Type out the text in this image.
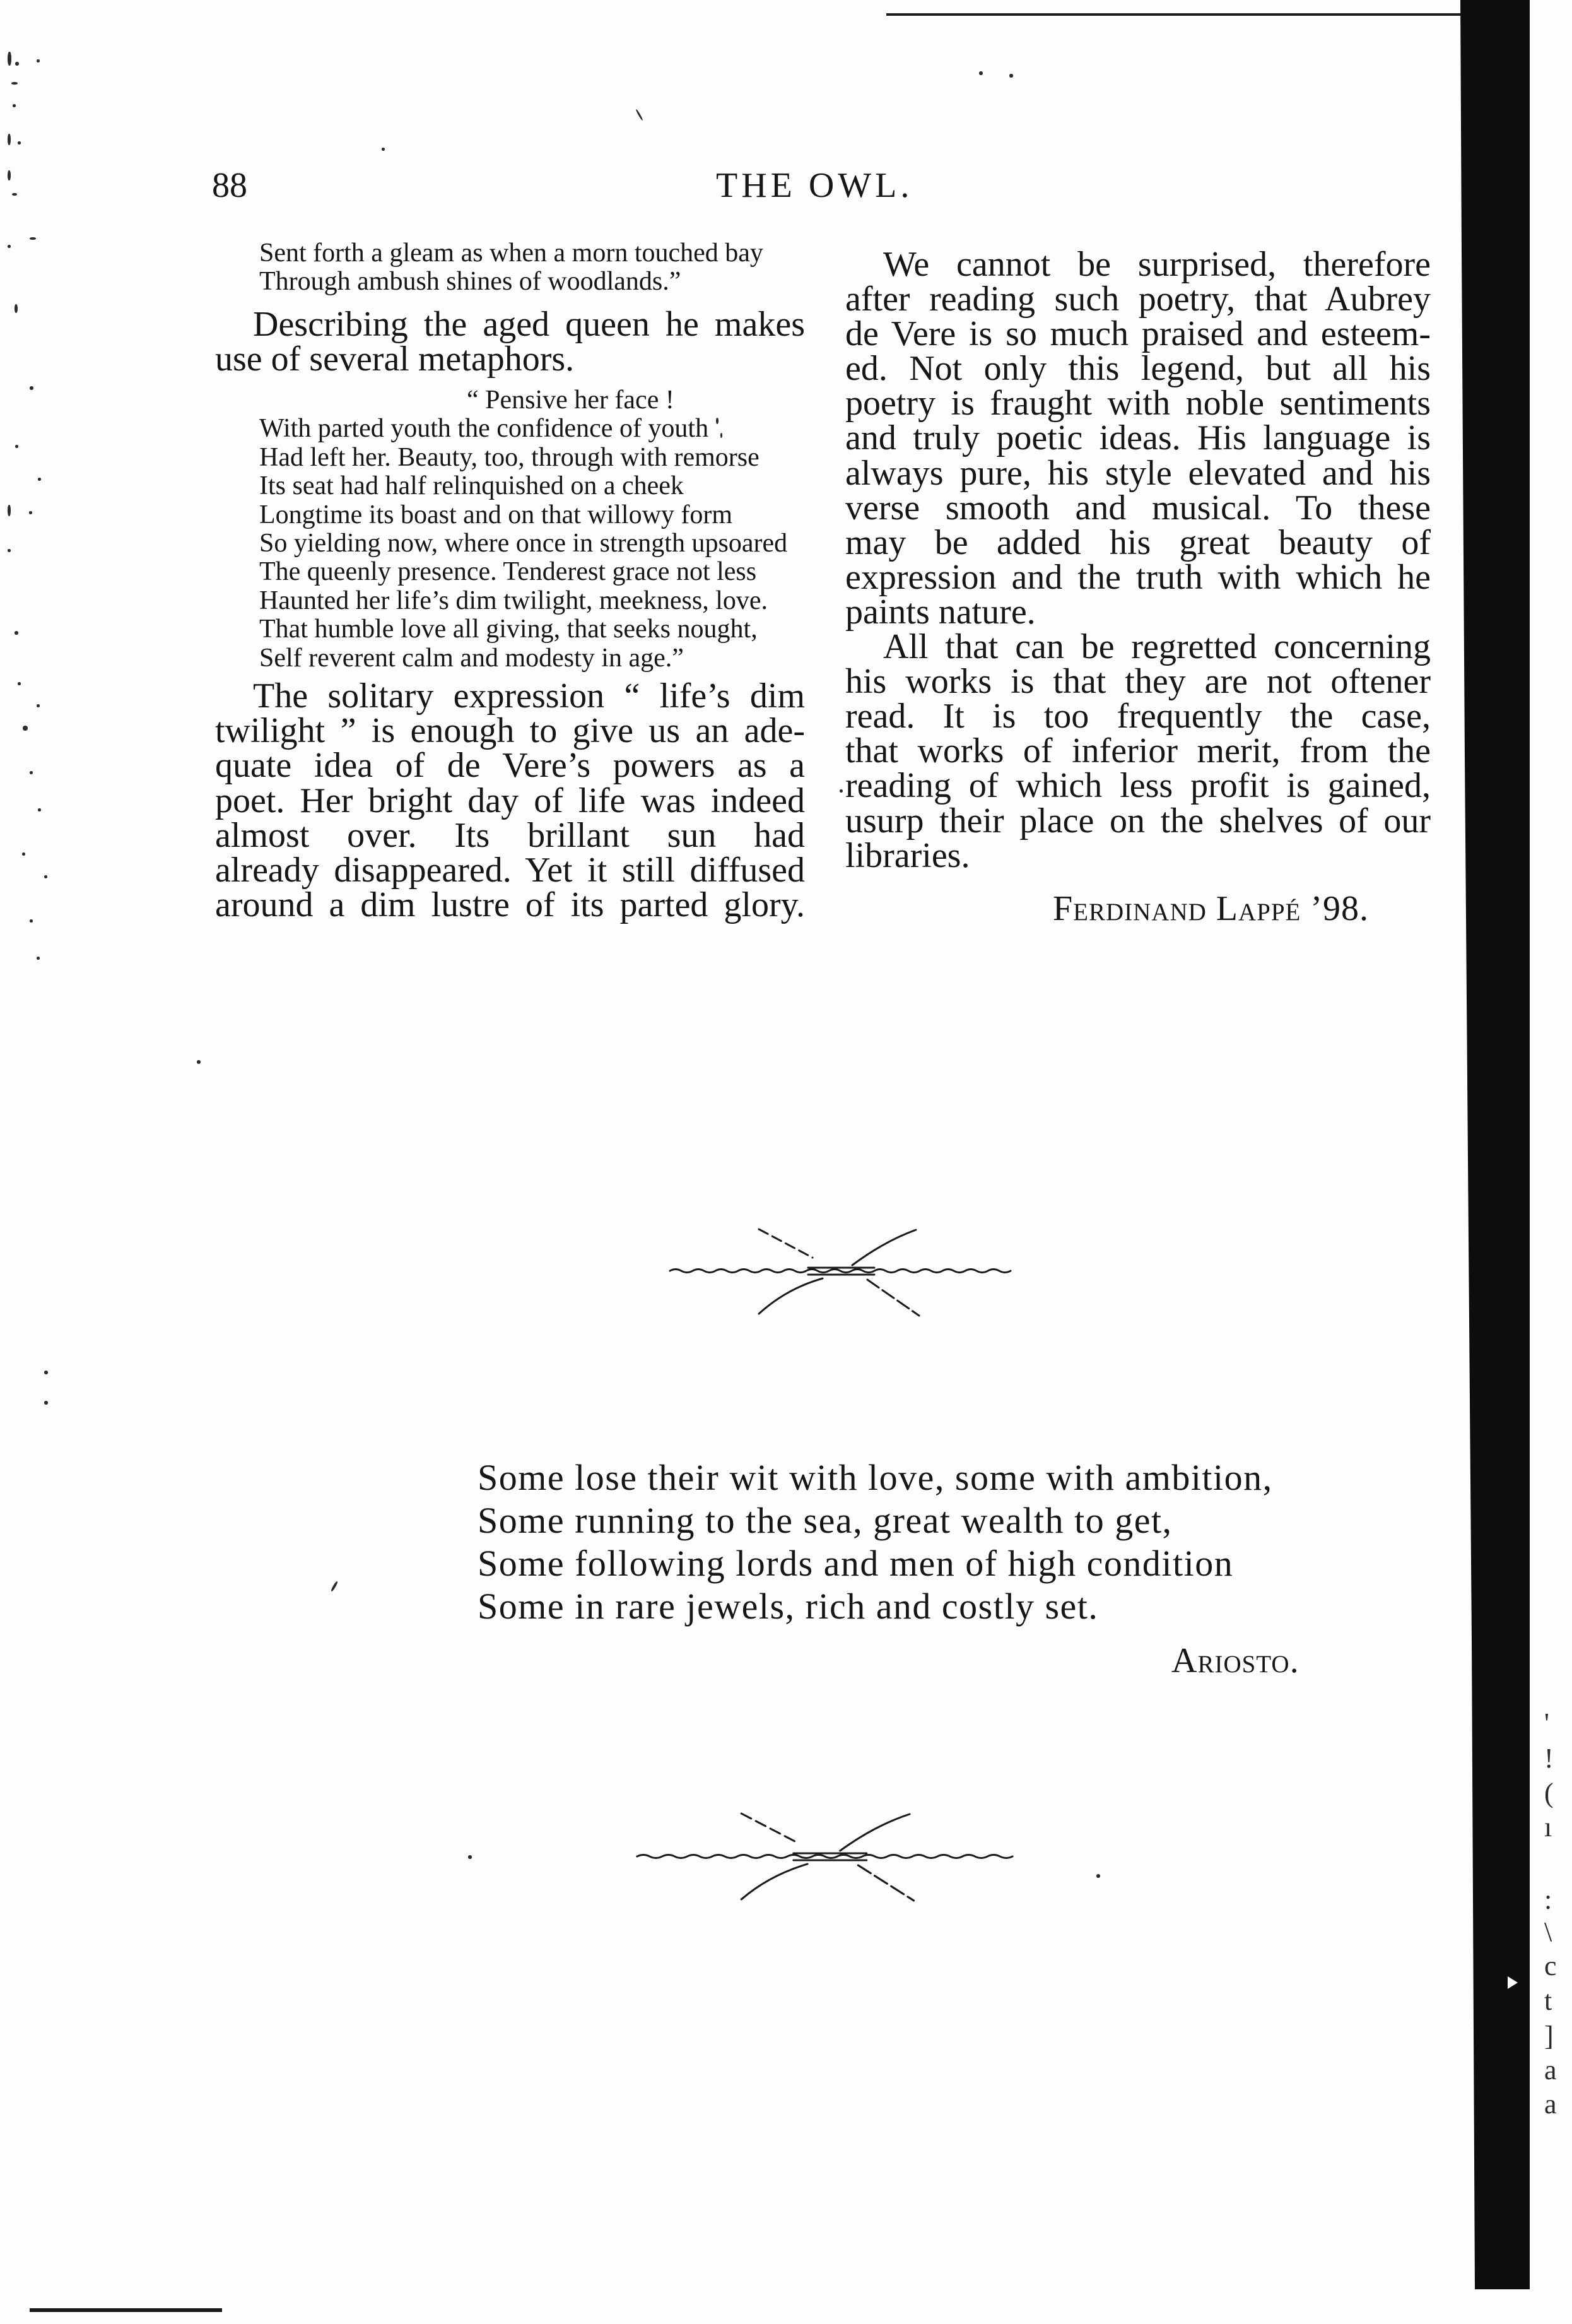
88	THE OWL.
Sent forth a gleam as when a morn touched bay
Through ambush shines of woodlands.”
Describing the aged queen he makes
use of several metaphors.
“ Pensive her face !
With parted youth the confidence of youth
Had left her. Beauty, too, through with remorse
Its seat had half relinquished on a cheek
Longtime its boast and on that willowy form
So yielding now, where once in strength upsoared
The queenly presence. Tenderest grace not less
Haunted her life’s dim twilight, meekness, love.
That humble love all giving, that seeks nought,
Self reverent calm and modesty in age.”
The solitary expression “ life’s dim
twilight ” is enough to give us an ade-
quate idea of de Vere’s powers as a
poet. Her bright day of life was indeed
almost over. Its brillant sun had
already disappeared. Yet it still diffused
around a dim lustre of its parted glory.
We cannot be surprised, therefore
after reading such poetry, that Aubrey
de Vere is so much praised and esteem-
ed. Not only this legend, but all his
poetry is fraught with noble sentiments
and truly poetic ideas. His language is
always pure, his style elevated and his
verse smooth and musical. To these
may be added his great beauty of
expression and the truth with which he
paints nature.
All that can be regretted concerning
his works is that they are not oftener
read. It is too frequently the case,
that works of inferior merit, from the
reading of which less profit is gained,
usurp their place on the shelves of our
libraries.
Ferdinand Lappé ’98.
Some lose their wit with love, some with ambition,
Some running to the sea, great wealth to get,
Some following lords and men of high condition
Some in rare jewels, rich and costly set.
Ariosto.
'
!
(
ı
:
\
c
t
]
a
a
